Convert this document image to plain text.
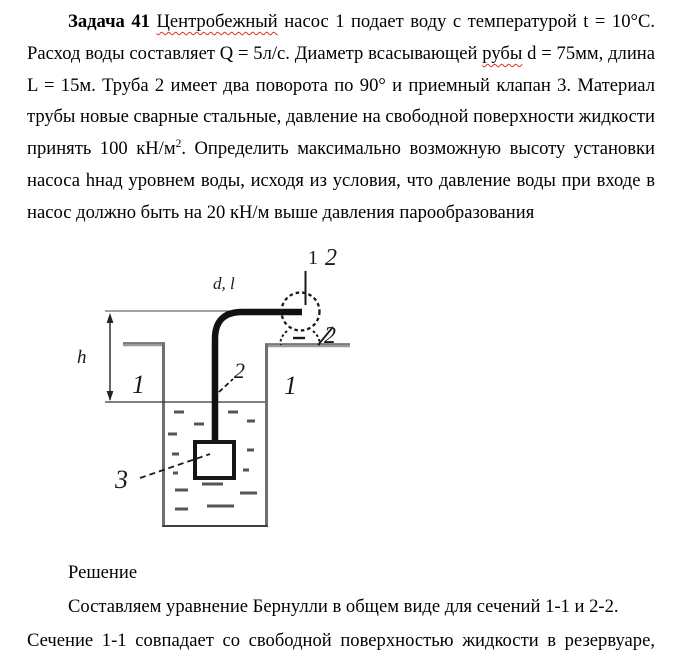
Задача 41 Центробежный насос 1 подает воду с температурой t = 10°С.
Расход воды составляет Q = 5л/с. Диаметр всасывающей рубы d = 75мм, длина
L = 15м. Труба 2 имеет два поворота по 90° и приемный клапан 3. Материал
трубы новые сварные стальные, давление на свободной поверхности жидкости
принять 100 $кН/м^2$. Определить максимально возможную высоту установки
насоса hнад уровнем воды, исходя из условия, что давление воды при входе в
насос должно быть на 20 кН/м выше давления парообразования
h
1 2
d, l
2
1	1
2
3
Решение
Составляем уравнение Бернулли в общем виде для сечений 1-1 и 2-2.
Сечение 1-1 совпадает со свободной поверхностью жидкости в резервуаре,
